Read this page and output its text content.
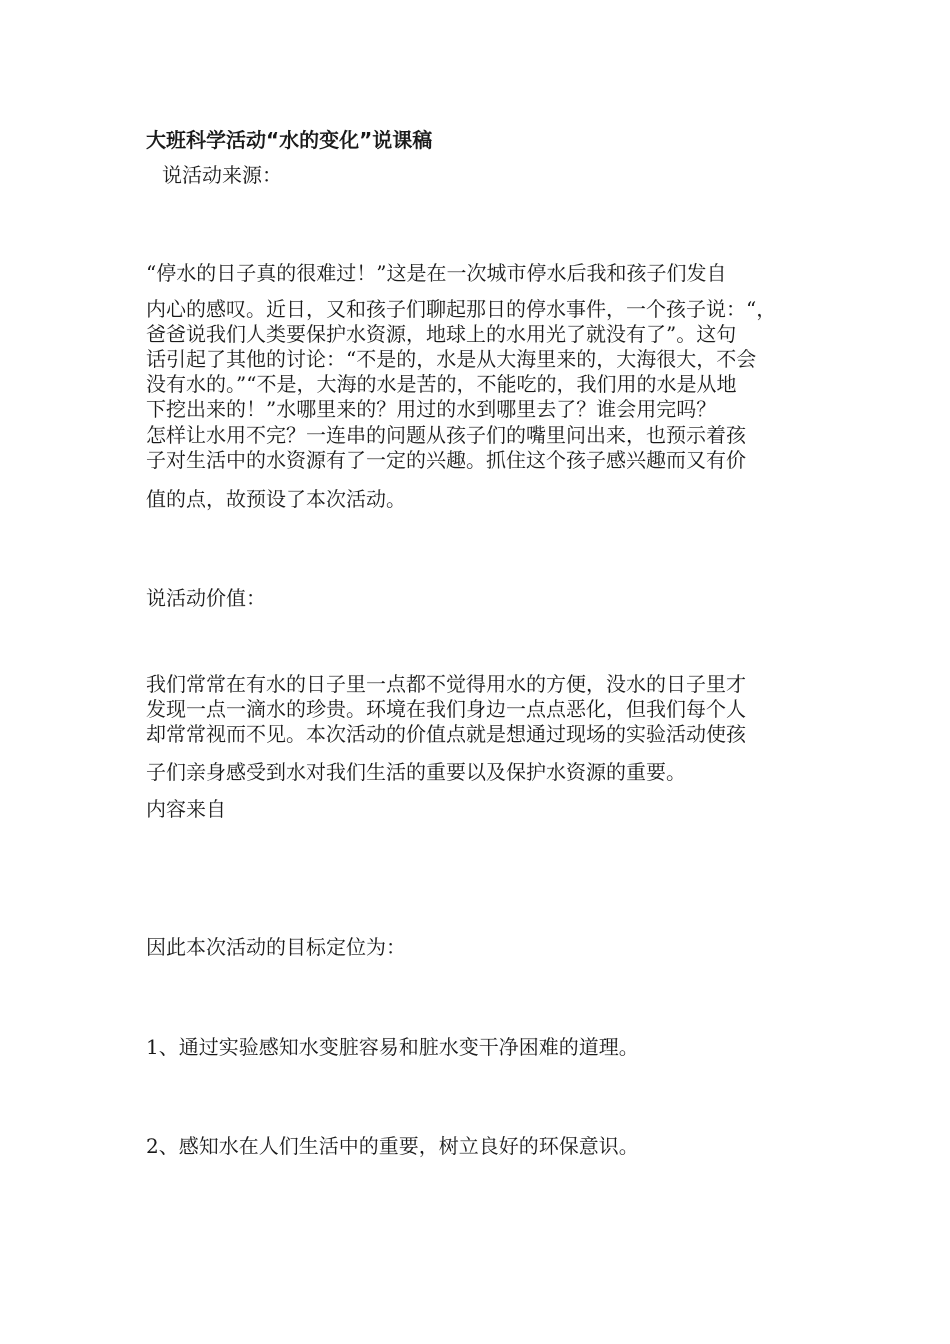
大班科学活动“水的变化”说课稿

说活动来源：

“停水的日子真的很难过！”这是在一次城市停水后我和孩子们发自

内心的感叹。近日，又和孩子们聊起那日的停水事件，一个孩子说：“，

爸爸说我们人类要保护水资源，地球上的水用光了就没有了”。这句

话引起了其他的讨论：“不是的，水是从大海里来的，大海很大，不会

没有水的。”“不是，大海的水是苦的，不能吃的，我们用的水是从地

下挖出来的！”水哪里来的？用过的水到哪里去了？谁会用完吗？

怎样让水用不完？一连串的问题从孩子们的嘴里问出来，也预示着孩

子对生活中的水资源有了一定的兴趣。抓住这个孩子感兴趣而又有价

值的点，故预设了本次活动。

说活动价值：

我们常常在有水的日子里一点都不觉得用水的方便，没水的日子里才

发现一点一滴水的珍贵。环境在我们身边一点点恶化，但我们每个人

却常常视而不见。本次活动的价值点就是想通过现场的实验活动使孩

子们亲身感受到水对我们生活的重要以及保护水资源的重要。

内容来自

因此本次活动的目标定位为：

1、通过实验感知水变脏容易和脏水变干净困难的道理。

2、感知水在人们生活中的重要，树立良好的环保意识。
